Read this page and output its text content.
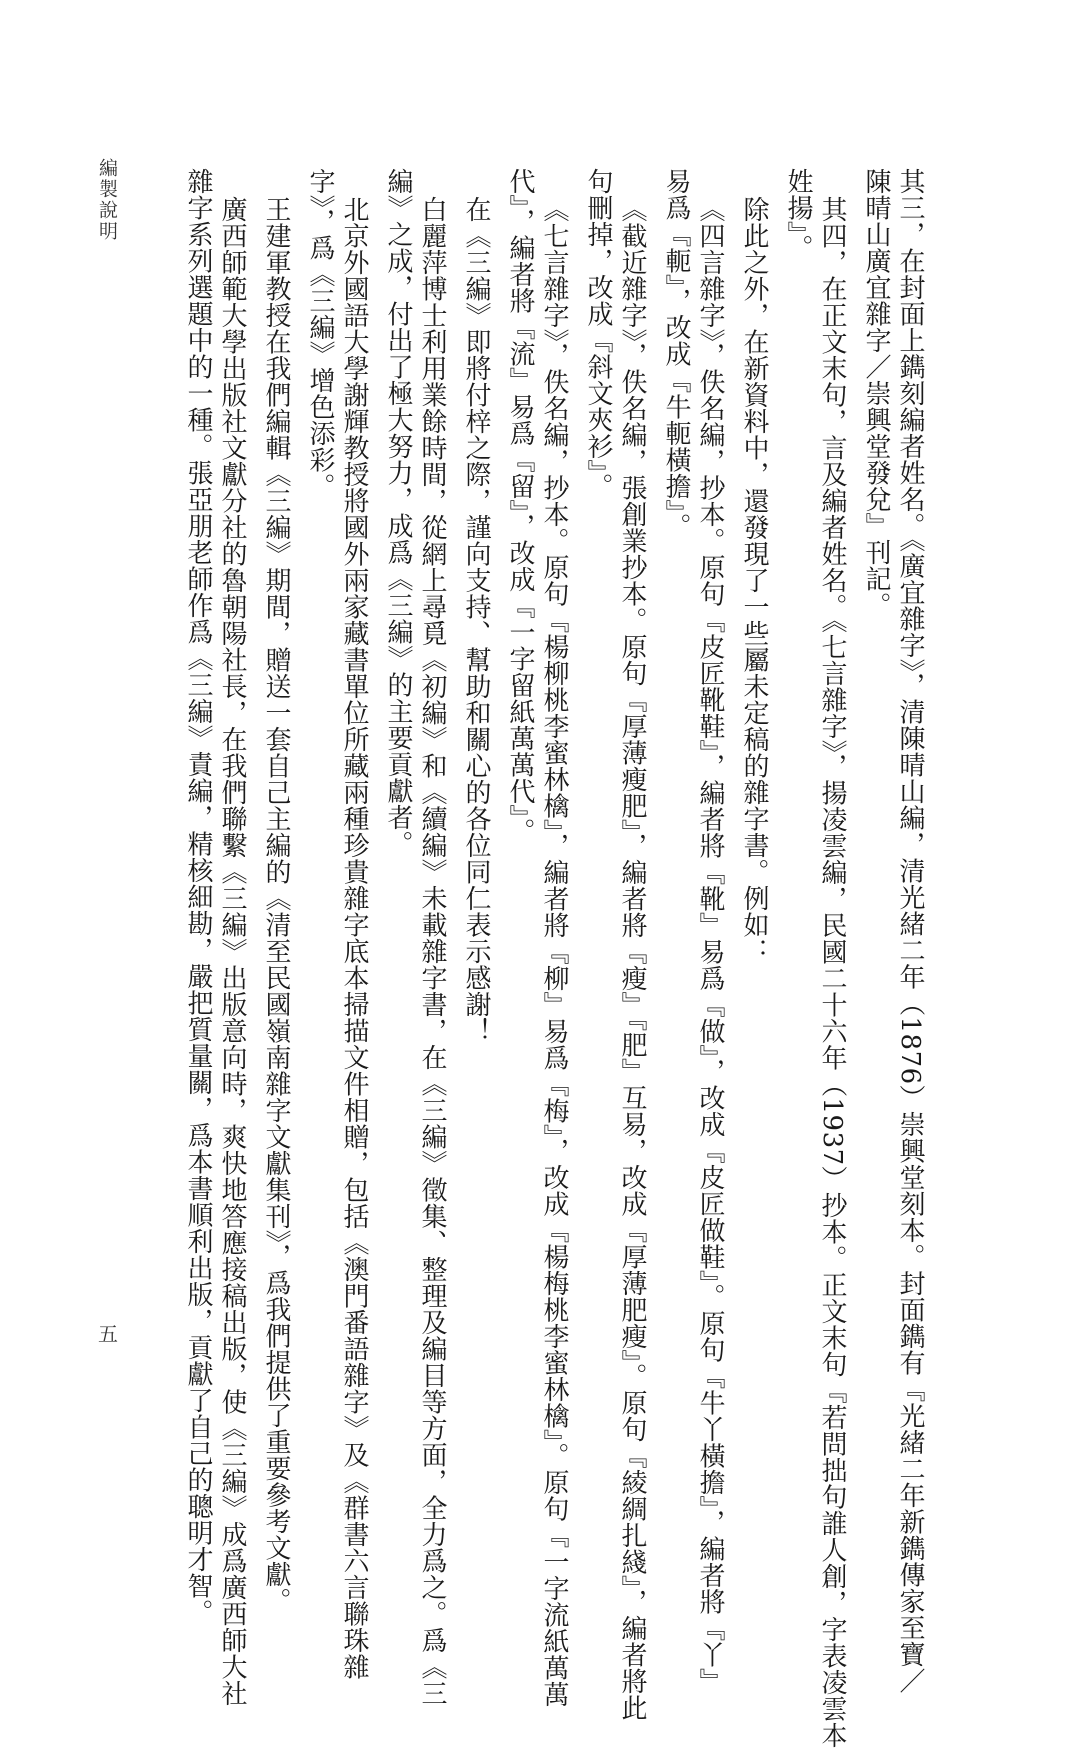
其三，在封面上鐫刻編者姓名。《廣宜雜字》，清陳晴山編，清光緒二年（1876）崇興堂刻本。封面鐫有『光緒二年新鐫傳家至寶／
陳晴山廣宜雜字／崇興堂發兌』刊記。
其四，在正文末句，言及編者姓名。《七言雜字》，揚凌雲編，民國二十六年（1937）抄本。正文末句『若問拙句誰人創，字表凌雲本
姓揚』。
除此之外，在新資料中，還發現了一些屬未定稿的雜字書。例如：
《四言雜字》，佚名編，抄本。原句『皮匠靴鞋』，編者將『靴』易爲『做』，改成『皮匠做鞋』。原句『牛丫橫擔』，編者將『丫』
易爲『軛』，改成『牛軛橫擔』。
《截近雜字》，佚名編，張創業抄本。原句『厚薄瘦肥』，編者將『瘦』『肥』互易，改成『厚薄肥瘦』。原句『綾綢扎綫』，編者將此
句刪掉，改成『斜文夾衫』。
《七言雜字》，佚名編，抄本。原句『楊柳桃李蜜林檎』，編者將『柳』易爲『梅』，改成『楊梅桃李蜜林檎』。原句『一字流紙萬萬
代』，編者將『流』易爲『留』，改成『一字留紙萬萬代』。
在《三編》即將付梓之際，謹向支持、幫助和關心的各位同仁表示感謝！
白麗萍博士利用業餘時間，從網上尋覓《初編》和《續編》未載雜字書，在《三編》徵集、整理及編目等方面，全力爲之。爲《三
編》之成，付出了極大努力，成爲《三編》的主要貢獻者。
北京外國語大學謝輝教授將國外兩家藏書單位所藏兩種珍貴雜字底本掃描文件相贈，包括《澳門番語雜字》及《群書六言聯珠雜
字》，爲《三編》增色添彩。
王建軍教授在我們編輯《三編》期間，贈送一套自己主編的《清至民國嶺南雜字文獻集刊》，爲我們提供了重要參考文獻。
廣西師範大學出版社文獻分社的魯朝陽社長，在我們聯繫《三編》出版意向時，爽快地答應接稿出版，使《三編》成爲廣西師大社
雜字系列選題中的一種。張亞朋老師作爲《三編》責編，精核細勘，嚴把質量關，爲本書順利出版，貢獻了自己的聰明才智。
編製說明
五
